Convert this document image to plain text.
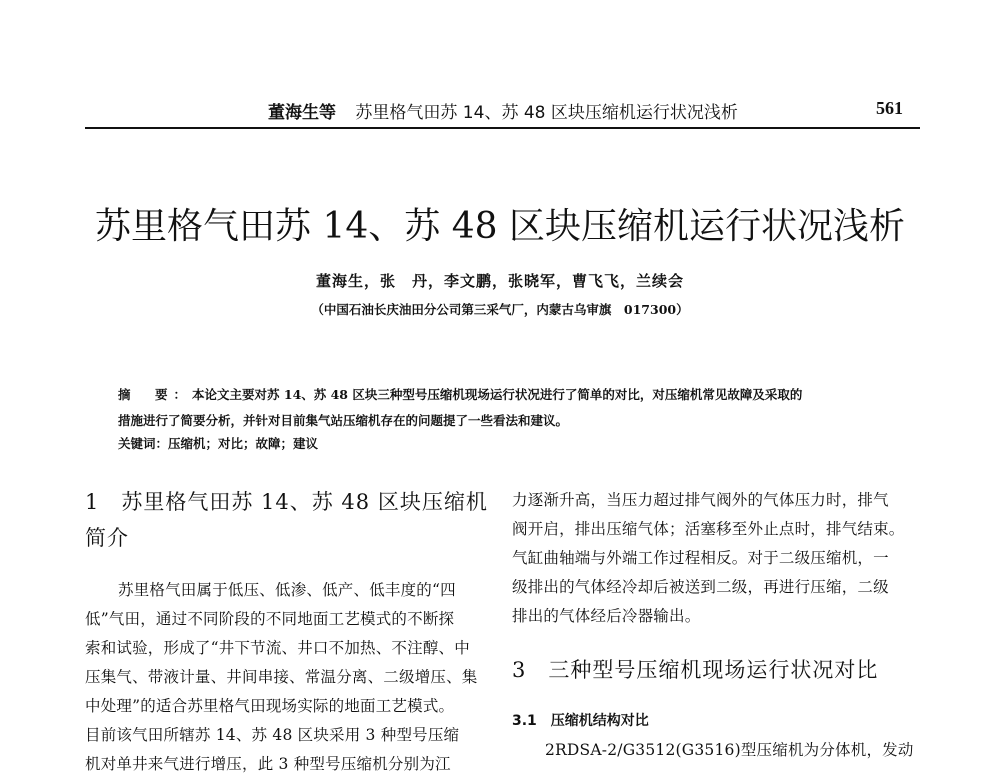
董海生等 苏里格气田苏 14、苏 48 区块压缩机运行状况浅析	561
苏里格气田苏 14、苏 48 区块压缩机运行状况浅析
董海生，张　丹，李文鹏，张晓军，曹飞飞，兰续会
（中国石油长庆油田分公司第三采气厂，内蒙古乌审旗　017300）
摘　要：本论文主要对苏 14、苏 48 区块三种型号压缩机现场运行状况进行了简单的对比，对压缩机常见故障及采取的
措施进行了简要分析，并针对目前集气站压缩机存在的问题提了一些看法和建议。
关键词：压缩机；对比；故障；建议
1　苏里格气田苏 14、苏 48 区块压缩机
简介
苏里格气田属于低压、低渗、低产、低丰度的“四
低”气田，通过不同阶段的不同地面工艺模式的不断探
索和试验，形成了“井下节流、井口不加热、不注醇、中
压集气、带液计量、井间串接、常温分离、二级增压、集
中处理”的适合苏里格气田现场实际的地面工艺模式。
目前该气田所辖苏 14、苏 48 区块采用 3 种型号压缩
机对单井来气进行增压，此 3 种型号压缩机分别为江
力逐渐升高，当压力超过排气阀外的气体压力时，排气
阀开启，排出压缩气体；活塞移至外止点时，排气结束。
气缸曲轴端与外端工作过程相反。对于二级压缩机，一
级排出的气体经冷却后被送到二级，再进行压缩，二级
排出的气体经后冷器输出。
3　三种型号压缩机现场运行状况对比
3.1　压缩机结构对比
2RDSA-2/G3512(G3516)型压缩机为分体机，发动
